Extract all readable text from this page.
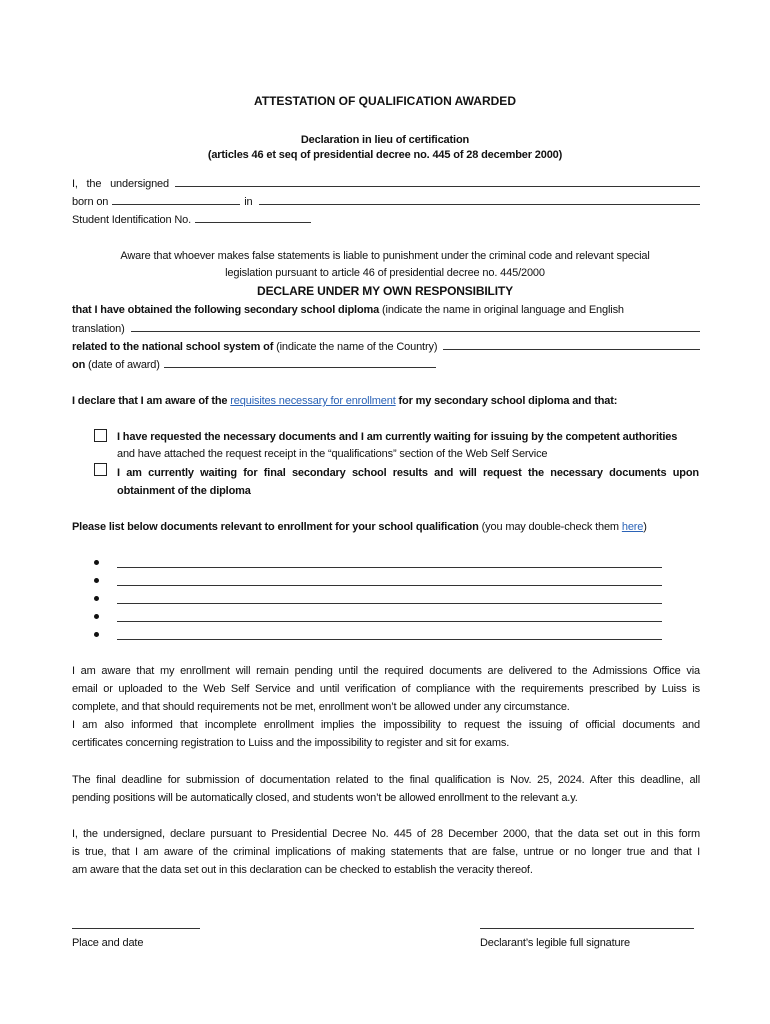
ATTESTATION OF QUALIFICATION AWARDED
Declaration in lieu of certification
(articles 46 et seq of presidential decree no. 445 of 28 december 2000)
I,   the   undersigned
born on	in
Student Identification No.
Aware that whoever makes false statements is liable to punishment under the criminal code and relevant special
legislation pursuant to article 46 of presidential decree no. 445/2000
DECLARE UNDER MY OWN RESPONSIBILITY
that I have obtained the following secondary school diploma (indicate the name in original language and English
translation)
related to the national school system of (indicate the name of the Country)
on (date of award)
I declare that I am aware of the requisites necessary for enrollment for my secondary school diploma and that:
I have requested the necessary documents and I am currently waiting for issuing by the competent authorities
and have attached the request receipt in the “qualifications” section of the Web Self Service
I am currently waiting for final secondary school results and will request the necessary documents upon
obtainment of the diploma
Please list below documents relevant to enrollment for your school qualification (you may double-check them here)
I am aware that my enrollment will remain pending until the required documents are delivered to the Admissions Office via
email or uploaded to the Web Self Service and until verification of compliance with the requirements prescribed by Luiss is
complete, and that should requirements not be met, enrollment won’t be allowed under any circumstance.
I am also informed that incomplete enrollment implies the impossibility to request the issuing of official documents and
certificates concerning registration to Luiss and the impossibility to register and sit for exams.
The final deadline for submission of documentation related to the final qualification is Nov. 25, 2024. After this deadline, all
pending positions will be automatically closed, and students won’t be allowed enrollment to the relevant a.y.
I, the undersigned, declare pursuant to Presidential Decree No. 445 of 28 December 2000, that the data set out in this form
is true, that I am aware of the criminal implications of making statements that are false, untrue or no longer true and that I
am aware that the data set out in this declaration can be checked to establish the veracity thereof.
Place and date	Declarant’s legible full signature
